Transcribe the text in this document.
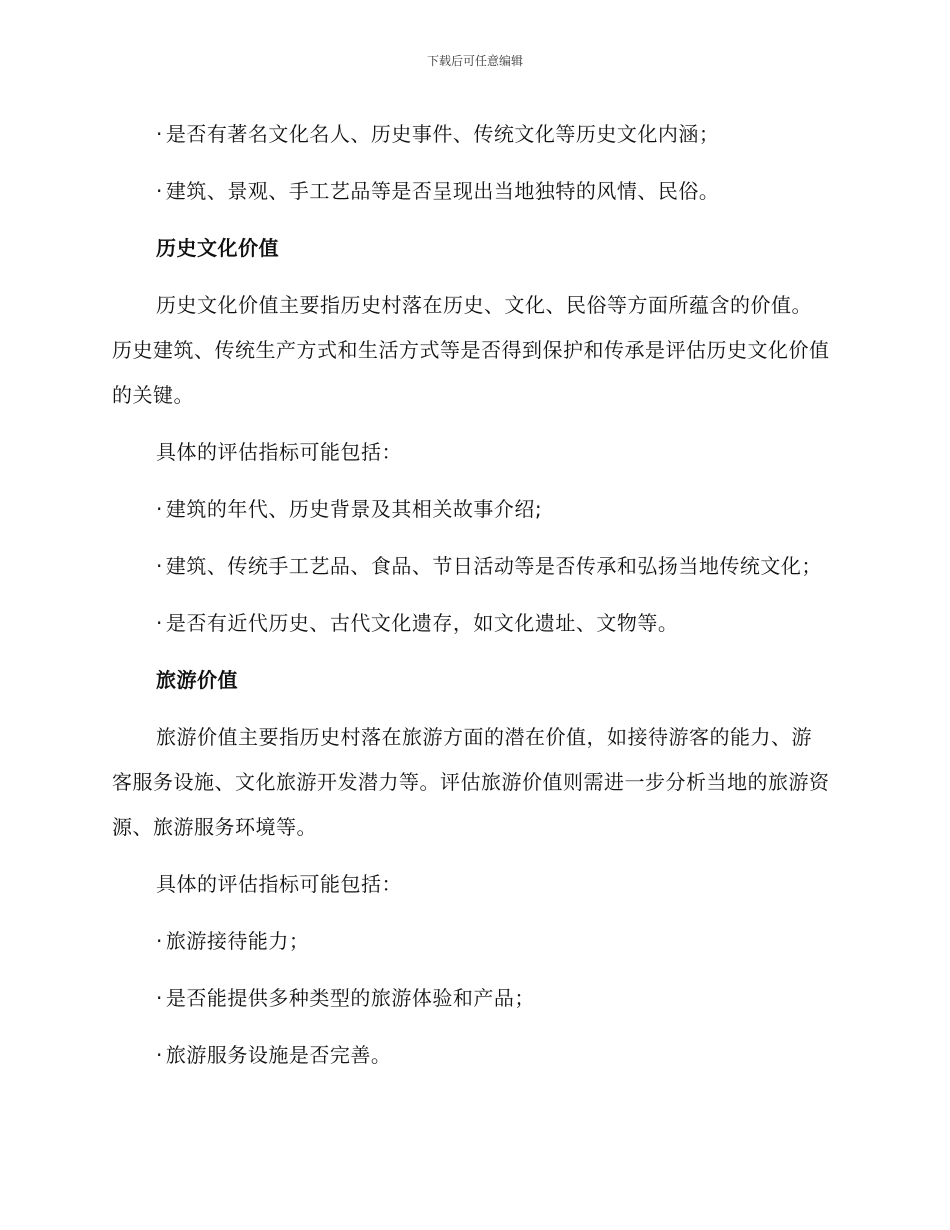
下载后可任意编辑

· 是否有著名文化名人、历史事件、传统文化等历史文化内涵；

· 建筑、景观、手工艺品等是否呈现出当地独特的风情、民俗。

历史文化价值

历史文化价值主要指历史村落在历史、文化、民俗等方面所蕴含的价值。历史建筑、传统生产方式和生活方式等是否得到保护和传承是评估历史文化价值的关键。

具体的评估指标可能包括：

· 建筑的年代、历史背景及其相关故事介绍;

· 建筑、传统手工艺品、食品、节日活动等是否传承和弘扬当地传统文化；

· 是否有近代历史、古代文化遗存，如文化遗址、文物等。

旅游价值

旅游价值主要指历史村落在旅游方面的潜在价值，如接待游客的能力、游客服务设施、文化旅游开发潜力等。评估旅游价值则需进一步分析当地的旅游资源、旅游服务环境等。

具体的评估指标可能包括：

· 旅游接待能力；

· 是否能提供多种类型的旅游体验和产品；

· 旅游服务设施是否完善。
